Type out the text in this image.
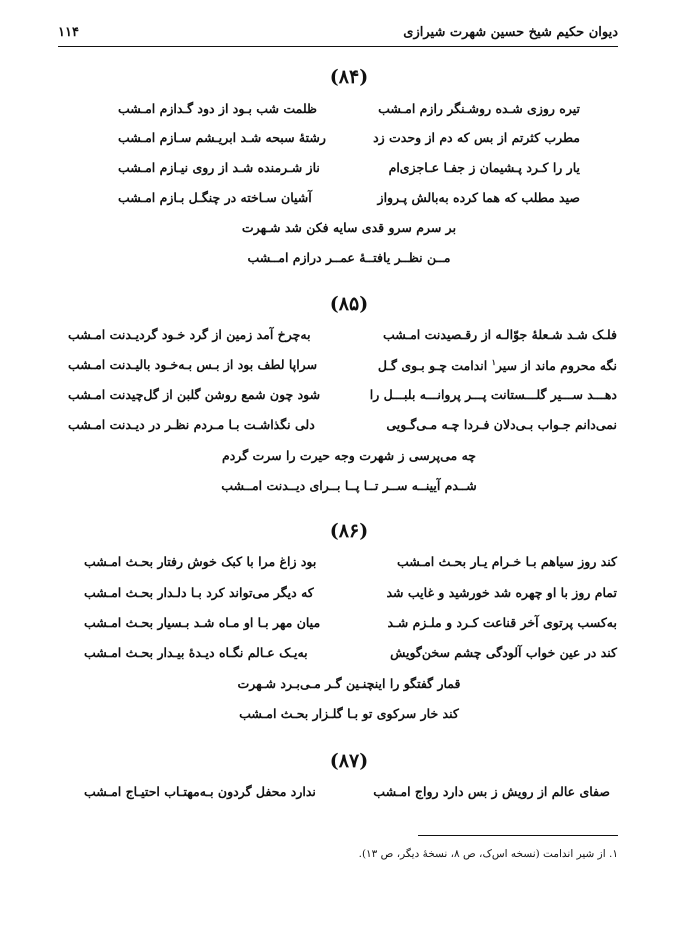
دیوان حکیم شیخ حسین شهرت شیرازی
۱۱۴
(۸۴)
تیره روزی شـده روشـنگر رازم امـشب
ظلمت شب بـود از دود گـدازم امـشب
مطرب کثرتم از بس که دم از وحدت زد
رشتهٔ سبحه شـد ابریـشم سـازم امـشب
یار را کـرد پـشیمان ز جفـا عـاجزی‌ام
ناز شـرمنده شـد از روی نیـازم امـشب
صید مطلب که هما کرده به‌بالش پـرواز
آشیان سـاخته در چنگـل بـازم امـشب
بر سرم سرو قدی سایه فکن شد شـهرت
مــن نظــر یافتــهٔ عمــر درازم امــشب
(۸۵)
فلـک شـد شـعلهٔ جوّالـه از رقـصیدنت امـشب
به‌چرخ آمد زمین از گرد خـود گردیـدنت امـشب
نگه محروم ماند از سیر$^۱$ اندامت چـو بـوی گـل
سراپا لطف بود از بـس بـه‌خـود بالیـدنت امـشب
دهـــد ســـیر گلـــستانت پـــر پروانـــه بلبـــل را
شود چون شمع روشن گلبن از گل‌چیدنت امـشب
نمی‌دانم جـواب بـی‌دلان فـردا چـه مـی‌گـویی
دلی نگذاشـت بـا مـردم نظـر در دیـدنت امـشب
چه می‌پرسی ز شهرت وجه حیرت را سرت گردم
شــدم آیینــه ســر تــا پــا بــرای دیــدنت امــشب
(۸۶)
کند روز سیاهم بـا خـرام یـار بحـث امـشب
بود زاغ مرا با کبک خوش رفتار بحـث امـشب
تمام روز با او چهره شد خورشید و غایب شد
که دیگر می‌تواند کرد بـا دلـدار بحـث امـشب
به‌کسب پرتوی آخر قناعت کـرد و ملـزم شـد
میان مهر بـا او مـاه شـد بـسیار بحـث امـشب
کند در عین خواب آلودگی چشم سخن‌گویش
به‌یـک عـالم نگـاه دیـدهٔ بیـدار بحـث امـشب
قمار گفتگو را اینچنـین گـر مـی‌بـرد شـهرت
کند خار سرکوی تو بـا گلـزار بحـث امـشب
(۸۷)
صفای عالم از رویش ز بس دارد رواج امـشب
ندارد محفل گردون بـه‌مهتـاب احتیـاج امـشب
۱. از شیر اندامت (نسخه اس‌ک، ص ۸، نسخهٔ دیگر، ص ۱۳).
